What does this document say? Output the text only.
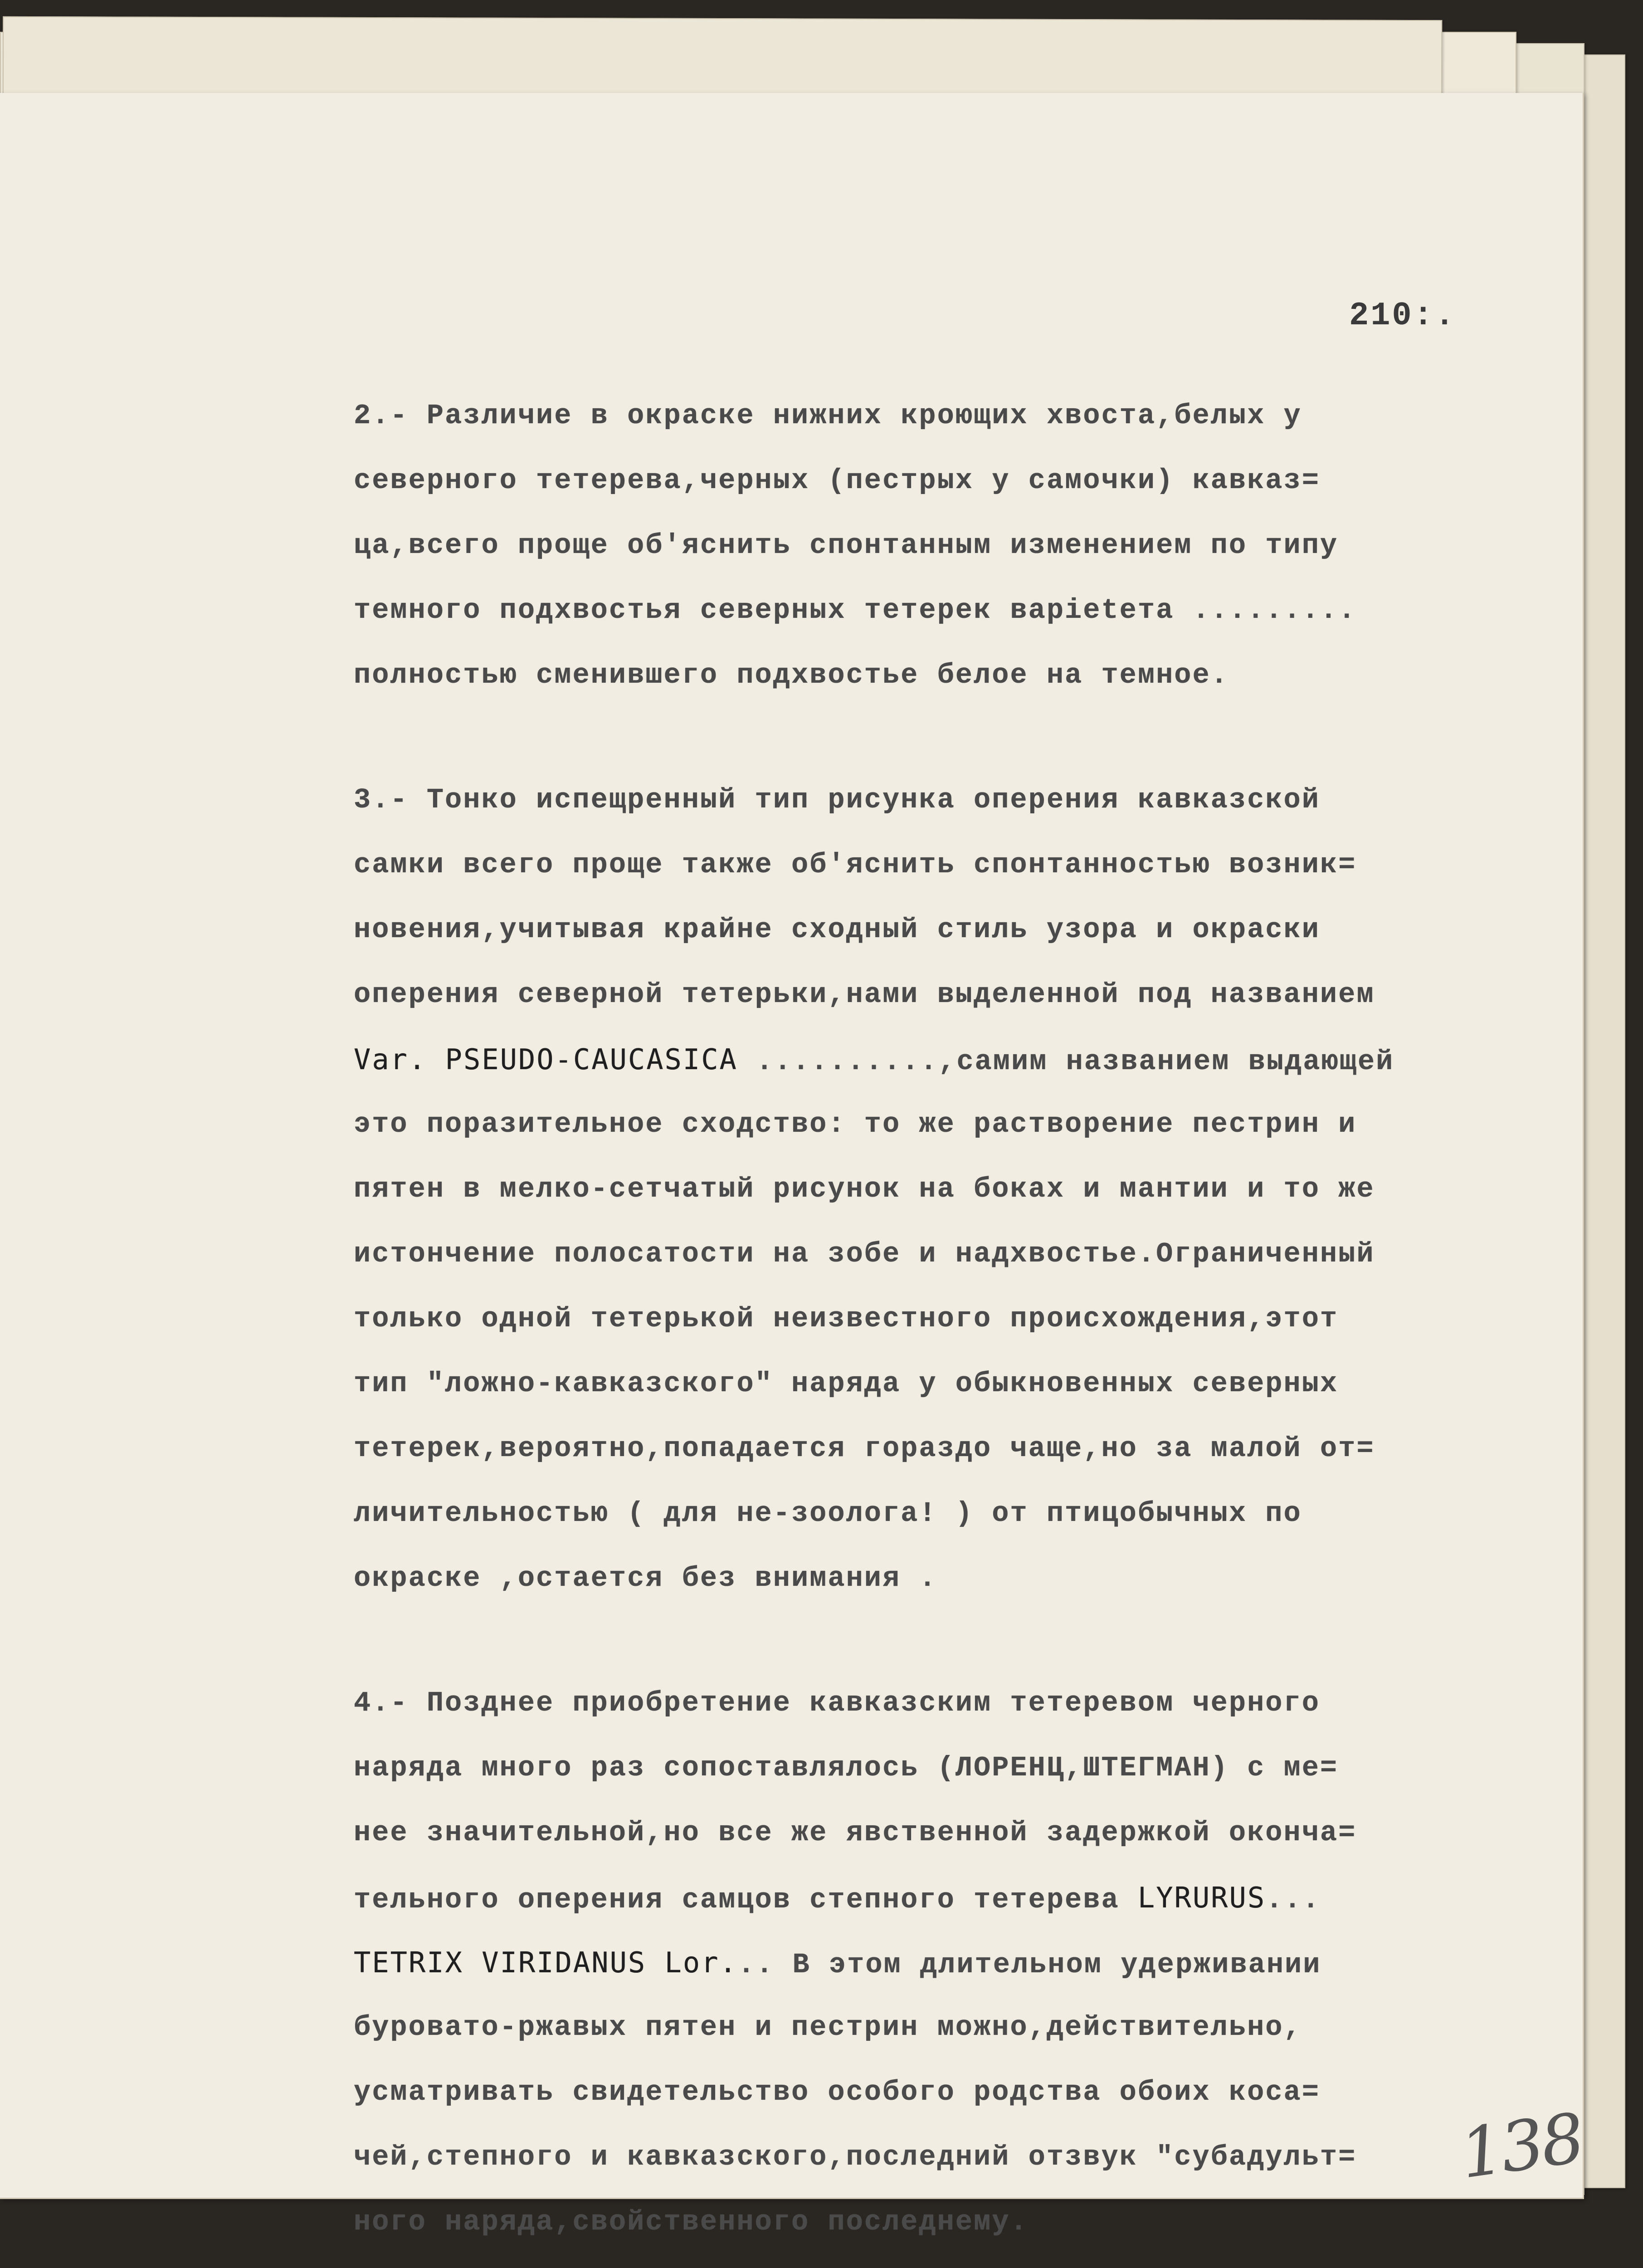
210:.
2.- Различие в окраске нижних кроющих хвоста,белых у
северного тетерева,черных (пестрых у самочки) кавказ=
ца,всего проще об'яснить спонтанным изменением по типу
темного подхвостья северных тетерек варietета .........
полностью сменившего подхвостье белое на темное.
3.- Тонко испещренный тип рисунка оперения кавказской
самки всего проще также об'яснить спонтанностью возник=
новения,учитывая крайне сходный стиль узора и окраски
оперения северной тетерьки,нами выделенной под названием
Var. PSEUDO-CAUCASICA ..........,самим названием выдающей
это поразительное сходство: то же растворение пестрин и
пятен в мелко-сетчатый рисунок на боках и мантии и то же
истончение полосатости на зобе и надхвостье.Ограниченный
только одной тетерькой неизвестного происхождения,этот
тип "ложно-кавказского" наряда у обыкновенных северных
тетерек,вероятно,попадается гораздо чаще,но за малой от=
личительностью ( для не-зоолога! ) от птицобычных по
окраске ,остается без внимания .
4.- Позднее приобретение кавказским тетеревом черного
наряда много раз сопоставлялось (ЛОРЕНЦ,ШТЕГМАН) с ме=
нее значительной,но все же явственной задержкой оконча=
тельного оперения самцов степного тетерева LYRURUS...
TETRIX VIRIDANUS Lor... В этом длительном удерживании
буровато-ржавых пятен и пестрин можно,действительно,
усматривать свидетельство особого родства обоих коса=
чей,степного и кавказского,последний отзвук "субадульт=
ного наряда,свойственного последнему.
138
